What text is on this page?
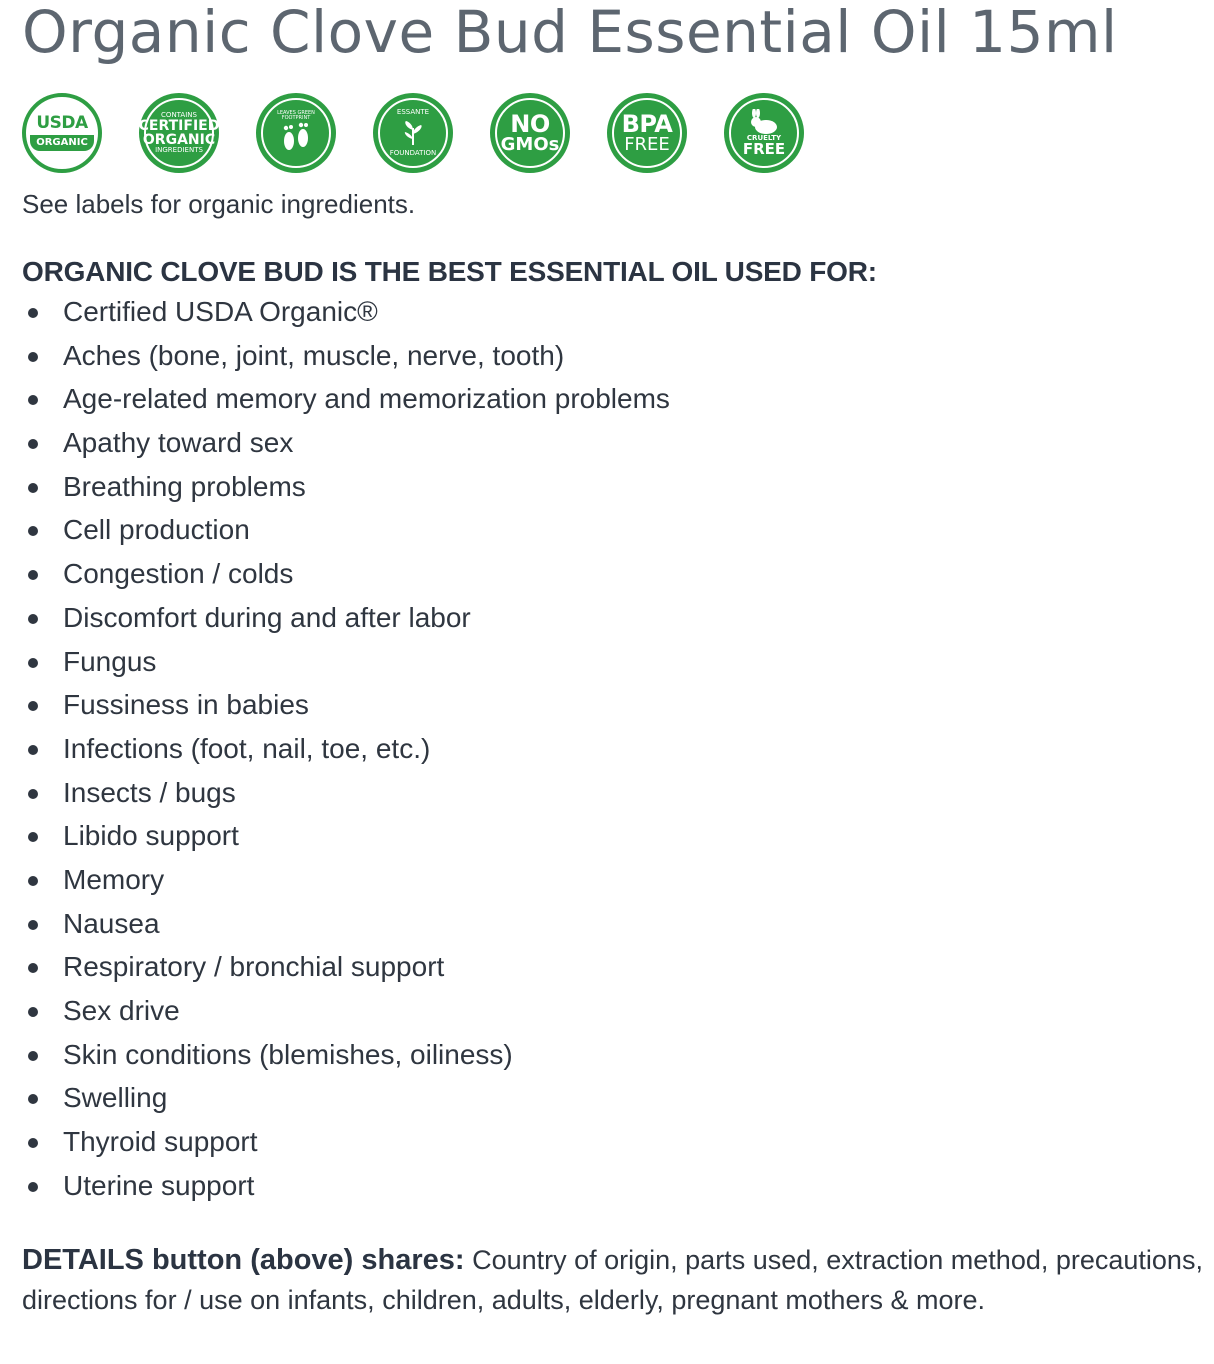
Organic Clove Bud Essential Oil 15ml
USDA
ORGANIC
CONTAINS
CERTIFIED
ORGANIC
INGREDIENTS
LEAVES GREEN FOOTPRINT
ESSANTE
FOUNDATION
NO
GMOs
BPA
FREE	CRUELTY
FREE

See labels for organic ingredients.

ORGANIC CLOVE BUD IS THE BEST ESSENTIAL OIL USED FOR:
Certified USDA Organic®
Aches (bone, joint, muscle, nerve, tooth)
Age-related memory and memorization problems
Apathy toward sex
Breathing problems
Cell production
Congestion / colds
Discomfort during and after labor
Fungus
Fussiness in babies
Infections (foot, nail, toe, etc.)
Insects / bugs
Libido support
Memory
Nausea
Respiratory / bronchial support
Sex drive
Skin conditions (blemishes, oiliness)
Swelling
Thyroid support
Uterine support

DETAILS button (above) shares: Country of origin, parts used, extraction method, precautions, directions for / use on infants, children, adults, elderly, pregnant mothers & more.
